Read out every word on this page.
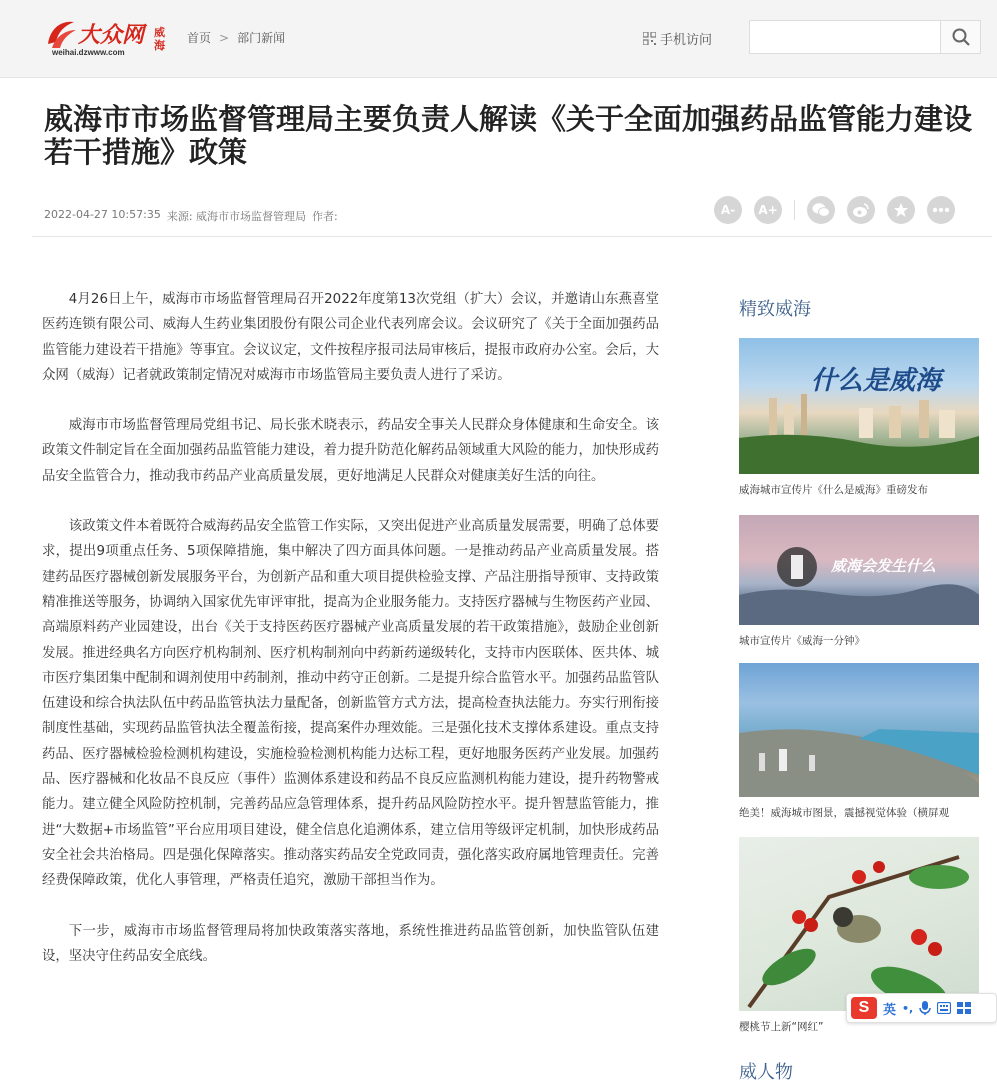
大众网 威
海
weihai.dzwww.com
首页 > 部门新闻	手机访问
威海市市场监督管理局主要负责人解读《关于全面加强药品监管能力建设若干措施》政策
2022-04-27 10:57:35 来源: 威海市市场监督管理局 作者:	A- A+

4月26日上午，威海市市场监督管理局召开2022年度第13次党组（扩大）会议，并邀请山东燕喜堂医药连锁有限公司、威海人生药业集团股份有限公司企业代表列席会议。会议研究了《关于全面加强药品监管能力建设若干措施》等事宜。会议议定，文件按程序报司法局审核后，提报市政府办公室。会后，大众网（威海）记者就政策制定情况对威海市市场监管局主要负责人进行了采访。

威海市市场监督管理局党组书记、局长张术晓表示，药品安全事关人民群众身体健康和生命安全。该政策文件制定旨在全面加强药品监管能力建设，着力提升防范化解药品领域重大风险的能力，加快形成药品安全监管合力，推动我市药品产业高质量发展，更好地满足人民群众对健康美好生活的向往。

该政策文件本着既符合威海药品安全监管工作实际，又突出促进产业高质量发展需要，明确了总体要求，提出9项重点任务、5项保障措施，集中解决了四方面具体问题。一是推动药品产业高质量发展。搭建药品医疗器械创新发展服务平台，为创新产品和重大项目提供检验支撑、产品注册指导预审、支持政策精准推送等服务，协调纳入国家优先审评审批，提高为企业服务能力。支持医疗器械与生物医药产业园、高端原料药产业园建设，出台《关于支持医药医疗器械产业高质量发展的若干政策措施》，鼓励企业创新发展。推进经典名方向医疗机构制剂、医疗机构制剂向中药新药递级转化，支持市内医联体、医共体、城市医疗集团集中配制和调剂使用中药制剂，推动中药守正创新。二是提升综合监管水平。加强药品监管队伍建设和综合执法队伍中药品监管执法力量配备，创新监管方式方法，提高检查执法能力。夯实行刑衔接制度性基础，实现药品监管执法全覆盖衔接，提高案件办理效能。三是强化技术支撑体系建设。重点支持药品、医疗器械检验检测机构建设，实施检验检测机构能力达标工程，更好地服务医药产业发展。加强药品、医疗器械和化妆品不良反应（事件）监测体系建设和药品不良反应监测机构能力建设，提升药物警戒能力。建立健全风险防控机制，完善药品应急管理体系，提升药品风险防控水平。提升智慧监管能力，推进“大数据+市场监管”平台应用项目建设，健全信息化追溯体系，建立信用等级评定机制，加快形成药品安全社会共治格局。四是强化保障落实。推动落实药品安全党政同责，强化落实政府属地管理责任。完善经费保障政策，优化人事管理，严格责任追究，激励干部担当作为。

下一步，威海市市场监督管理局将加快政策落实落地，系统性推进药品监管创新，加快监管队伍建设，坚决守住药品安全底线。

精致威海
什么是威海
威海城市宣传片《什么是威海》重磅发布
威海会发生什么
城市宣传片《威海一分钟》
绝美！威海城市图景，震撼视觉体验（横屏观
樱桃节上新“网红”
威人物
S	英 •,
